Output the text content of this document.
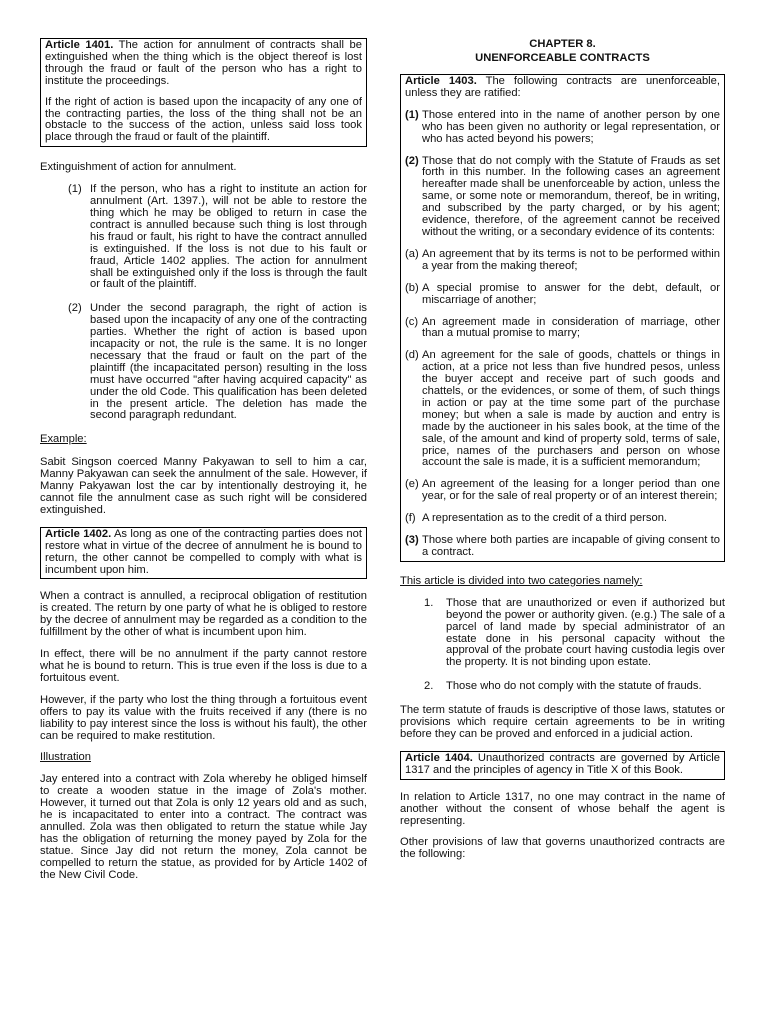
Article 1401. The action for annulment of contracts shall be extinguished when the thing which is the object thereof is lost through the fraud or fault of the person who has a right to institute the proceedings.

If the right of action is based upon the incapacity of any one of the contracting parties, the loss of the thing shall not be an obstacle to the success of the action, unless said loss took place through the fraud or fault of the plaintiff.

Extinguishment of action for annulment.

(1) If the person, who has a right to institute an action for annulment (Art. 1397.), will not be able to restore the thing which he may be obliged to return in case the contract is annulled because such thing is lost through his fraud or fault, his right to have the contract annulled is extinguished. If the loss is not due to his fault or fraud, Article 1402 applies. The action for annulment shall be extinguished only if the loss is through the fault or fault of the plaintiff.
(2) Under the second paragraph, the right of action is based upon the incapacity of any one of the contracting parties. Whether the right of action is based upon incapacity or not, the rule is the same. It is no longer necessary that the fraud or fault on the part of the plaintiff (the incapacitated person) resulting in the loss must have occurred "after having acquired capacity" as under the old Code. This qualification has been deleted in the present article. The deletion has made the second paragraph redundant.

Example:

Sabit Singson coerced Manny Pakyawan to sell to him a car, Manny Pakyawan can seek the annulment of the sale. However, if Manny Pakyawan lost the car by intentionally destroying it, he cannot file the annulment case as such right will be considered extinguished.

Article 1402. As long as one of the contracting parties does not restore what in virtue of the decree of annulment he is bound to return, the other cannot be compelled to comply with what is incumbent upon him.

When a contract is annulled, a reciprocal obligation of restitution is created. The return by one party of what he is obliged to restore by the decree of annulment may be regarded as a condition to the fulfillment by the other of what is incumbent upon him.

In effect, there will be no annulment if the party cannot restore what he is bound to return. This is true even if the loss is due to a fortuitous event.

However, if the party who lost the thing through a fortuitous event offers to pay its value with the fruits received if any (there is no liability to pay interest since the loss is without his fault), the other can be required to make restitution.

Illustration

Jay entered into a contract with Zola whereby he obliged himself to create a wooden statue in the image of Zola's mother. However, it turned out that Zola is only 12 years old and as such, he is incapacitated to enter into a contract. The contract was annulled. Zola was then obligated to return the statue while Jay has the obligation of returning the money payed by Zola for the statue. Since Jay did not return the money, Zola cannot be compelled to return the statue, as provided for by Article 1402 of the New Civil Code.

CHAPTER 8.
UNENFORCEABLE CONTRACTS

Article 1403. The following contracts are unenforceable, unless they are ratified:

(1) Those entered into in the name of another person by one who has been given no authority or legal representation, or who has acted beyond his powers;
(2) Those that do not comply with the Statute of Frauds as set forth in this number. In the following cases an agreement hereafter made shall be unenforceable by action, unless the same, or some note or memorandum, thereof, be in writing, and subscribed by the party charged, or by his agent; evidence, therefore, of the agreement cannot be received without the writing, or a secondary evidence of its contents:
(a) An agreement that by its terms is not to be performed within a year from the making thereof;
(b) A special promise to answer for the debt, default, or miscarriage of another;
(c) An agreement made in consideration of marriage, other than a mutual promise to marry;
(d) An agreement for the sale of goods, chattels or things in action, at a price not less than five hundred pesos, unless the buyer accept and receive part of such goods and chattels, or the evidences, or some of them, of such things in action or pay at the time some part of the purchase money; but when a sale is made by auction and entry is made by the auctioneer in his sales book, at the time of the sale, of the amount and kind of property sold, terms of sale, price, names of the purchasers and person on whose account the sale is made, it is a sufficient memorandum;
(e) An agreement of the leasing for a longer period than one year, or for the sale of real property or of an interest therein;
(f) A representation as to the credit of a third person.
(3) Those where both parties are incapable of giving consent to a contract.

This article is divided into two categories namely:

1.	Those that are unauthorized or even if authorized but beyond the power or authority given. (e.g.) The sale of a parcel of land made by special administrator of an estate done in his personal capacity without the approval of the probate court having custodia legis over the property. It is not binding upon estate.
2.	Those who do not comply with the statute of frauds.

The term statute of frauds is descriptive of those laws, statutes or provisions which require certain agreements to be in writing before they can be proved and enforced in a judicial action.

Article 1404. Unauthorized contracts are governed by Article 1317 and the principles of agency in Title X of this Book.

In relation to Article 1317, no one may contract in the name of another without the consent of whose behalf the agent is representing.

Other provisions of law that governs unauthorized contracts are the following:
